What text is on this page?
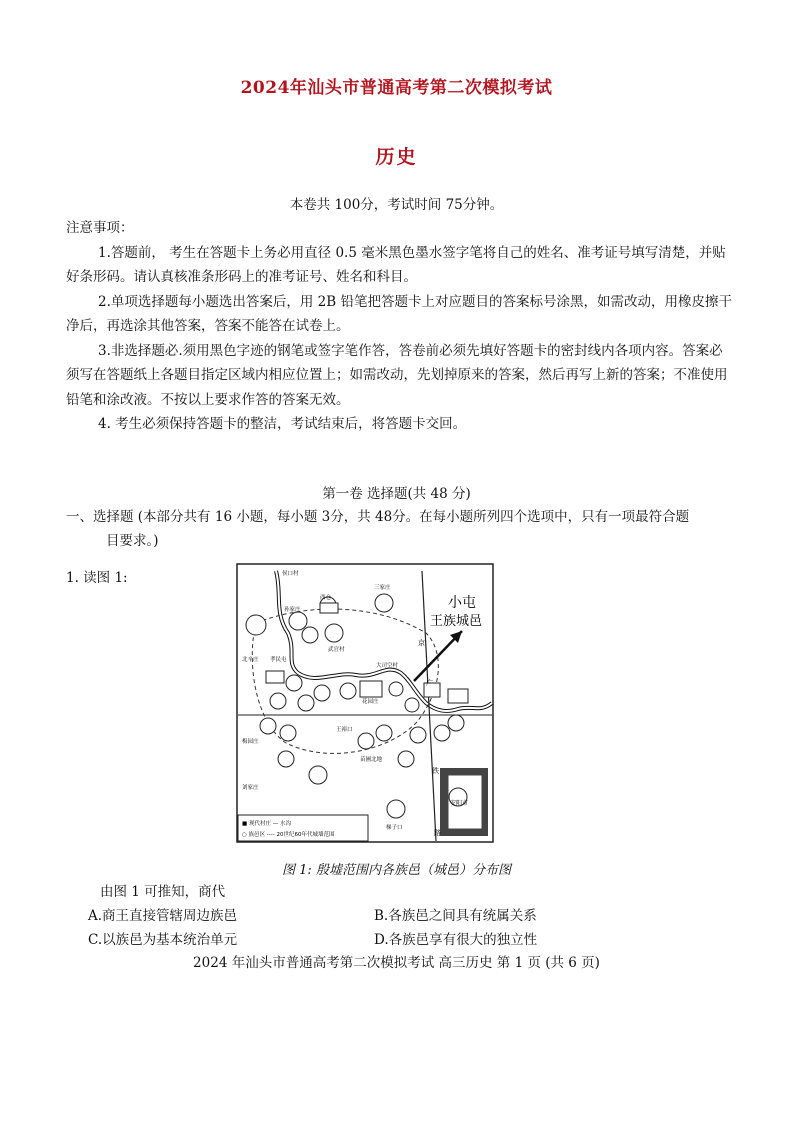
2024年汕头市普通高考第二次模拟考试
历史
本卷共 100分，考试时间 75分钟。

注意事项：

1.答题前， 考生在答题卡上务必用直径 0.5 毫米黑色墨水签字笔将自己的姓名、准考证号填写清楚，并贴好条形码。请认真核准条形码上的准考证号、姓名和科目。

2.单项选择题每小题选出答案后，用 2B 铅笔把答题卡上对应题目的答案标号涂黑，如需改动，用橡皮擦干净后，再选涂其他答案，答案不能答在试卷上。

3.非选择题必.须用黑色字迹的钢笔或签字笔作答，答卷前必须先填好答题卡的密封线内各项内容。答案必须写在答题纸上各题目指定区域内相应位置上；如需改动，先划掉原来的答案，然后再写上新的答案；不准使用铅笔和涂改液。不按以上要求作答的答案无效。

4. 考生必须保持答题卡的整洁，考试结束后，将答题卡交回。

第一卷 选择题(共 48 分)
一、选择题 (本部分共有 16 小题，每小题 3分，共 48分。在每小题所列四个选项中，只有一项最符合题
目要求。)
1. 读图 1:
小屯
王族城邑
侯口村
三家庄
西仓
孙家庄
武官村
北辛庄 孝民屯
大司空村
花园庄
王裕口
苗圃北地
梅园庄
刘家庄
梯子口
安阳市
京
广
铁
路
■ 现代村庄 — 水沟
○ 族邑区 ---- 20世纪60年代城墙范围
图 1: 殷墟范围内各族邑（城邑）分布图
由图 1 可推知，商代
A.商王直接管辖周边族邑	B.各族邑之间具有统属关系
C.以族邑为基本统治单元	D.各族邑享有很大的独立性
2024 年汕头市普通高考第二次模拟考试 高三历史 第 1 页 (共 6 页)
